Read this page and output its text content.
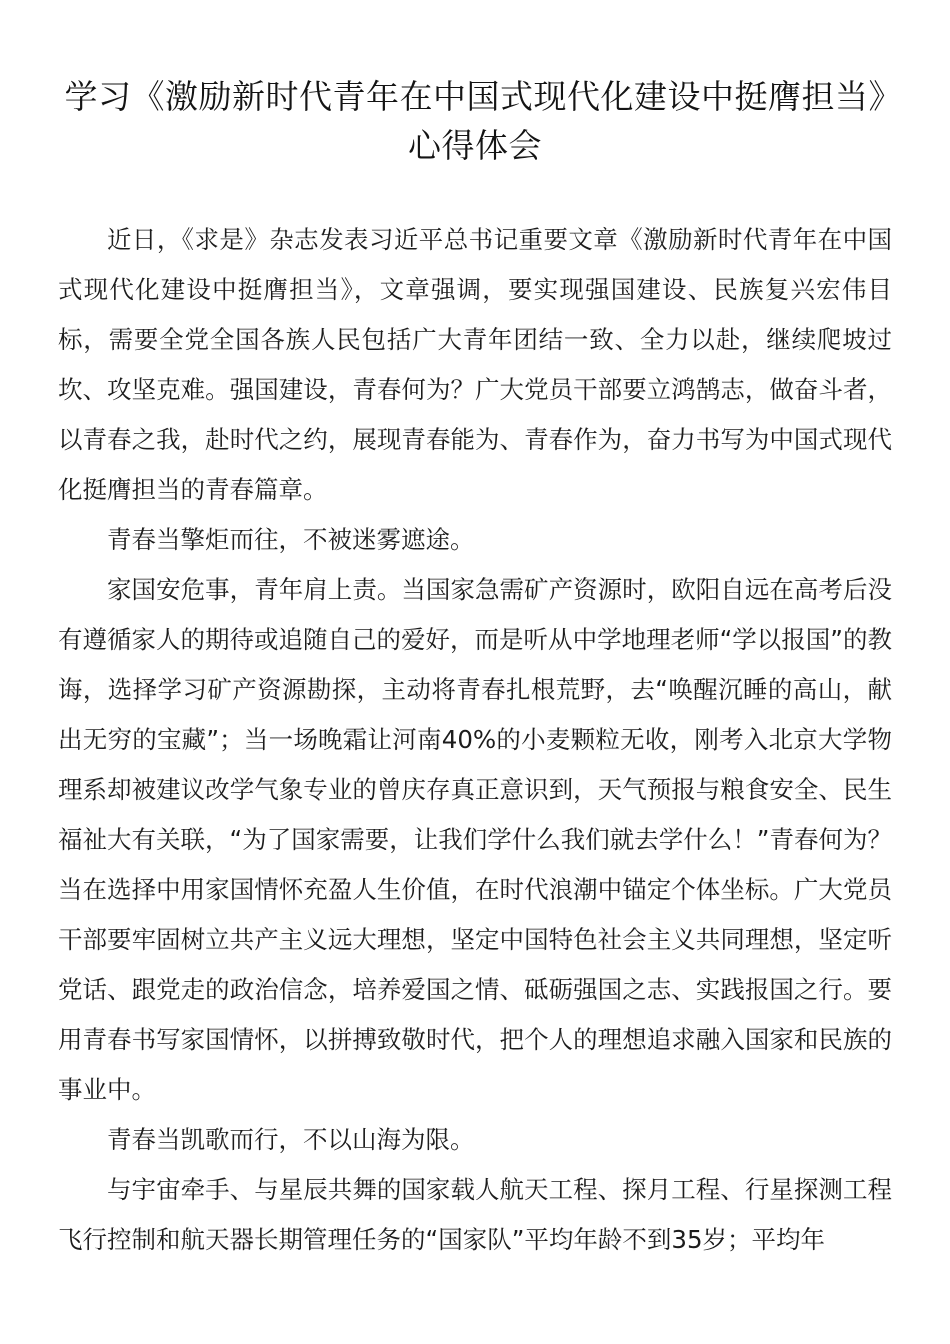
学习《激励新时代青年在中国式现代化建设中挺膺担当》心得体会

近日，《求是》杂志发表习近平总书记重要文章《激励新时代青年在中国式现代化建设中挺膺担当》，文章强调，要实现强国建设、民族复兴宏伟目标，需要全党全国各族人民包括广大青年团结一致、全力以赴，继续爬坡过坎、攻坚克难。强国建设，青春何为？广大党员干部要立鸿鹄志，做奋斗者，以青春之我，赴时代之约，展现青春能为、青春作为，奋力书写为中国式现代化挺膺担当的青春篇章。

青春当擎炬而往，不被迷雾遮途。

家国安危事，青年肩上责。当国家急需矿产资源时，欧阳自远在高考后没有遵循家人的期待或追随自己的爱好，而是听从中学地理老师“学以报国”的教诲，选择学习矿产资源勘探，主动将青春扎根荒野，去“唤醒沉睡的高山，献出无穷的宝藏”；当一场晚霜让河南40%的小麦颗粒无收，刚考入北京大学物理系却被建议改学气象专业的曾庆存真正意识到，天气预报与粮食安全、民生福祉大有关联，“为了国家需要，让我们学什么我们就去学什么！”青春何为？当在选择中用家国情怀充盈人生价值，在时代浪潮中锚定个体坐标。广大党员干部要牢固树立共产主义远大理想，坚定中国特色社会主义共同理想，坚定听党话、跟党走的政治信念，培养爱国之情、砥砺强国之志、实践报国之行。要用青春书写家国情怀，以拼搏致敬时代，把个人的理想追求融入国家和民族的事业中。

青春当凯歌而行，不以山海为限。

与宇宙牵手、与星辰共舞的国家载人航天工程、探月工程、行星探测工程飞行控制和航天器长期管理任务的“国家队”平均年龄不到35岁；平均年
